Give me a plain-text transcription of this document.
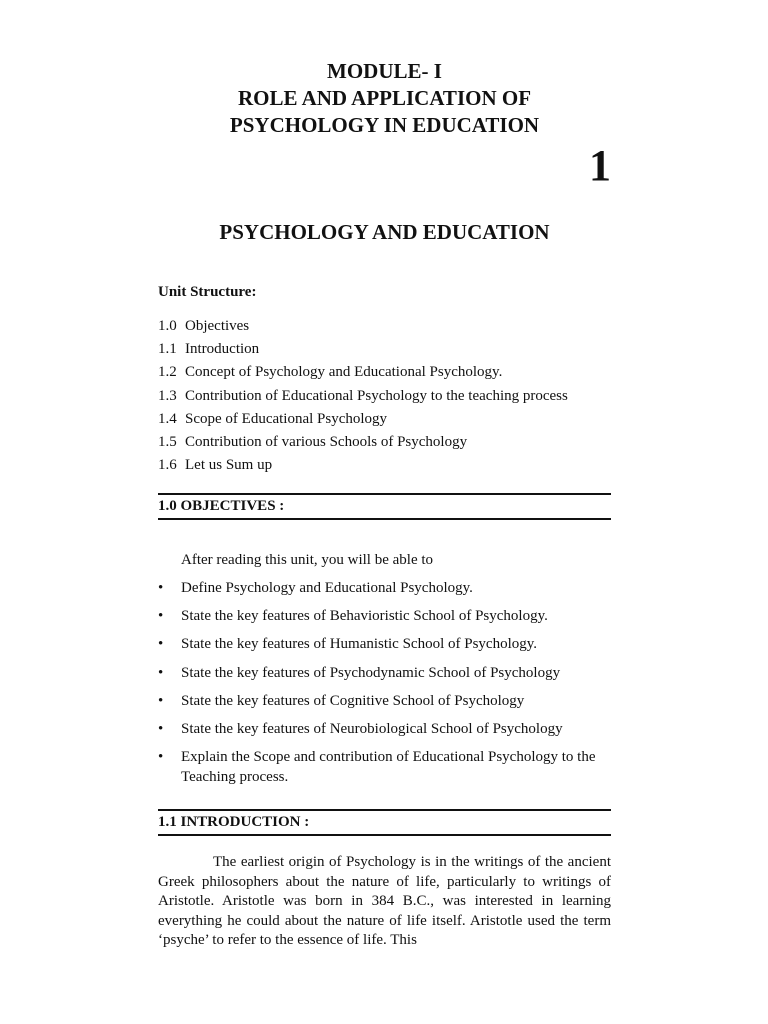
MODULE- I
ROLE AND APPLICATION OF
PSYCHOLOGY IN EDUCATION
1
PSYCHOLOGY AND EDUCATION
Unit Structure:
1.0 Objectives
1.1 Introduction
1.2 Concept of Psychology and Educational Psychology.
1.3 Contribution of Educational Psychology to the teaching process
1.4 Scope of Educational Psychology
1.5 Contribution of various Schools of Psychology
1.6 Let us Sum up
1.0 OBJECTIVES :
After reading this unit, you will be able to
•	Define Psychology and Educational Psychology.
•	State the key features of Behavioristic School of Psychology.
•	State the key features of Humanistic School of Psychology.
•	State the key features of Psychodynamic School of Psychology
•	State the key features of Cognitive School of Psychology
•	State the key features of Neurobiological School of Psychology
•	Explain the Scope and contribution of Educational Psychology to the Teaching process.
1.1 INTRODUCTION :

The earliest origin of Psychology is in the writings of the ancient Greek philosophers about the nature of life, particularly to writings of Aristotle. Aristotle was born in 384 B.C., was interested in learning everything he could about the nature of life itself. Aristotle used the term ‘psyche’ to refer to the essence of life. This
